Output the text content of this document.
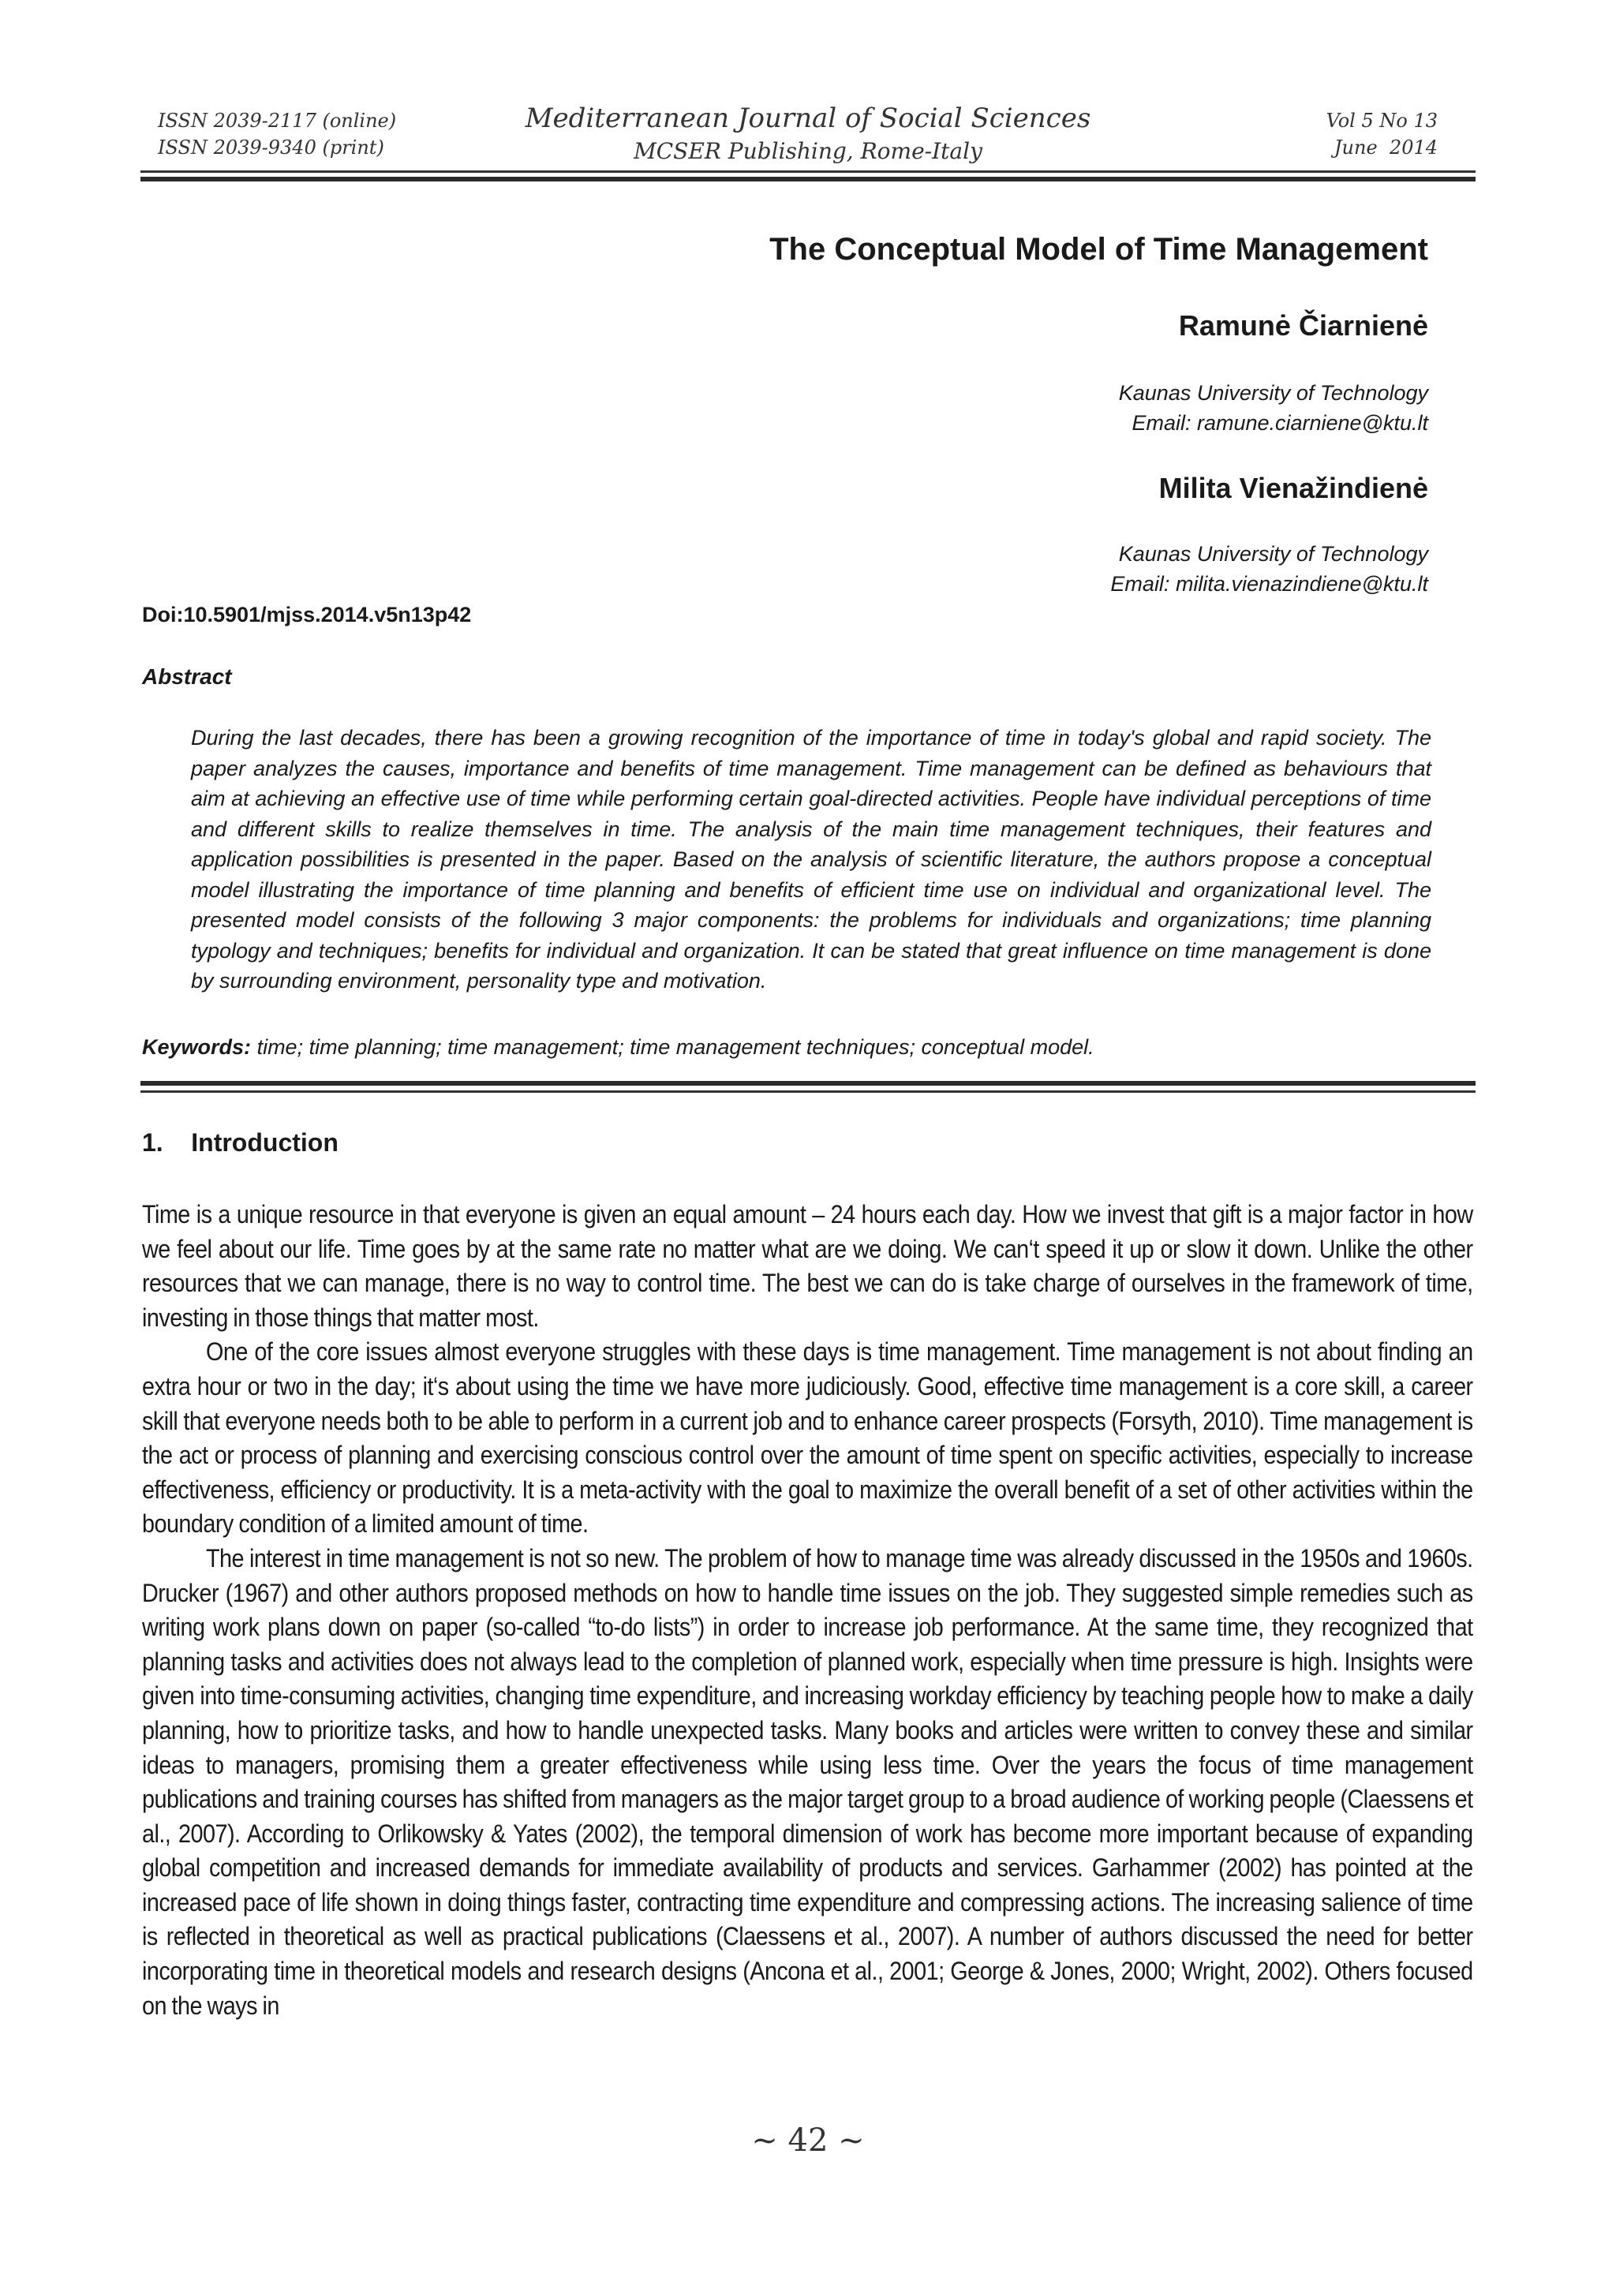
ISSN 2039-2117 (online)
ISSN 2039-9340 (print)
Mediterranean Journal of Social Sciences
MCSER Publishing, Rome-Italy
Vol 5 No 13
June  2014
The Conceptual Model of Time Management
Ramunė Čiarnienė
Kaunas University of Technology
Email: ramune.ciarniene@ktu.lt
Milita Vienažindienė
Kaunas University of Technology
Email: milita.vienazindiene@ktu.lt
Doi:10.5901/mjss.2014.v5n13p42
Abstract
During the last decades, there has been a growing recognition of the importance of time in today's global and rapid society. The paper analyzes the causes, importance and benefits of time management. Time management can be defined as behaviours that aim at achieving an effective use of time while performing certain goal-directed activities. People have individual perceptions of time and different skills to realize themselves in time. The analysis of the main time management techniques, their features and application possibilities is presented in the paper. Based on the analysis of scientific literature, the authors propose a conceptual model illustrating the importance of time planning and benefits of efficient time use on individual and organizational level. The presented model consists of the following 3 major components: the problems for individuals and organizations; time planning typology and techniques; benefits for individual and organization. It can be stated that great influence on time management is done by surrounding environment, personality type and motivation.
Keywords: time; time planning; time management; time management techniques; conceptual model.
1.    Introduction

Time is a unique resource in that everyone is given an equal amount – 24 hours each day. How we invest that gift is a major factor in how we feel about our life. Time goes by at the same rate no matter what are we doing. We can‘t speed it up or slow it down. Unlike the other resources that we can manage, there is no way to control time. The best we can do is take charge of ourselves in the framework of time, investing in those things that matter most.

One of the core issues almost everyone struggles with these days is time management. Time management is not about finding an extra hour or two in the day; it‘s about using the time we have more judiciously. Good, effective time management is a core skill, a career skill that everyone needs both to be able to perform in a current job and to enhance career prospects (Forsyth, 2010). Time management is the act or process of planning and exercising conscious control over the amount of time spent on specific activities, especially to increase effectiveness, efficiency or productivity. It is a meta-activity with the goal to maximize the overall benefit of a set of other activities within the boundary condition of a limited amount of time.

The interest in time management is not so new. The problem of how to manage time was already discussed in the 1950s and 1960s. Drucker (1967) and other authors proposed methods on how to handle time issues on the job. They suggested simple remedies such as writing work plans down on paper (so-called “to-do lists”) in order to increase job performance. At the same time, they recognized that planning tasks and activities does not always lead to the completion of planned work, especially when time pressure is high. Insights were given into time-consuming activities, changing time expenditure, and increasing workday efficiency by teaching people how to make a daily planning, how to prioritize tasks, and how to handle unexpected tasks. Many books and articles were written to convey these and similar ideas to managers, promising them a greater effectiveness while using less time. Over the years the focus of time management publications and training courses has shifted from managers as the major target group to a broad audience of working people (Claessens et al., 2007). According to Orlikowsky & Yates (2002), the temporal dimension of work has become more important because of expanding global competition and increased demands for immediate availability of products and services. Garhammer (2002) has pointed at the increased pace of life shown in doing things faster, contracting time expenditure and compressing actions. The increasing salience of time is reflected in theoretical as well as practical publications (Claessens et al., 2007). A number of authors discussed the need for better incorporating time in theoretical models and research designs (Ancona et al., 2001; George & Jones, 2000; Wright, 2002). Others focused on the ways in

~ 42 ~
